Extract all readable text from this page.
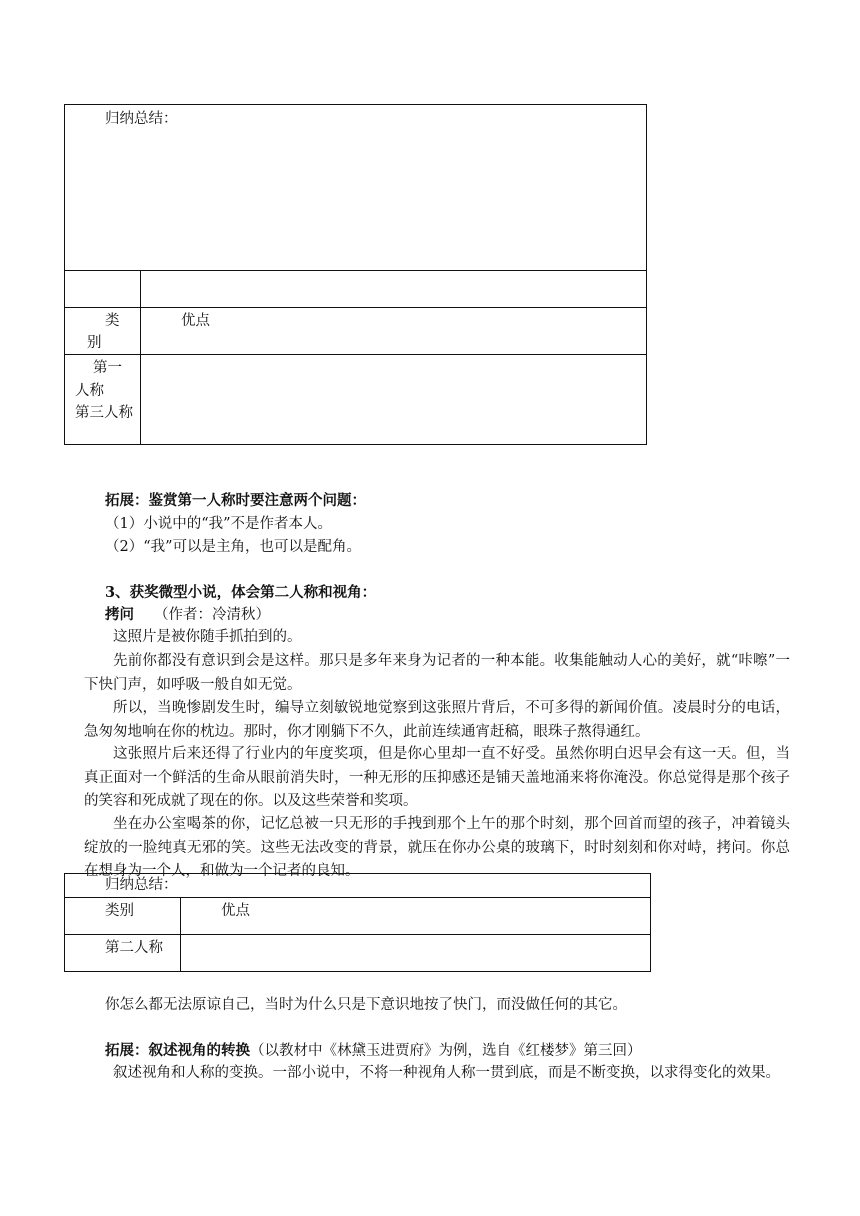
归纳总结：	

类别	优点

第一人称
第三人称	

拓展：鉴赏第一人称时要注意两个问题：
（1）小说中的“我”不是作者本人。
（2）“我”可以是主角，也可以是配角。
3、获奖微型小说，体会第二人称和视角：
拷问 （作者：冷清秋）
这照片是被你随手抓拍到的。
先前你都没有意识到会是这样。那只是多年来身为记者的一种本能。收集能触动人心的美好，就“咔嚓”一下快门声，如呼吸一般自如无觉。
所以，当晚惨剧发生时，编导立刻敏锐地觉察到这张照片背后，不可多得的新闻价值。凌晨时分的电话，急匆匆地响在你的枕边。那时，你才刚躺下不久，此前连续通宵赶稿，眼珠子熬得通红。
这张照片后来还得了行业内的年度奖项，但是你心里却一直不好受。虽然你明白迟早会有这一天。但，当真正面对一个鲜活的生命从眼前消失时，一种无形的压抑感还是铺天盖地涌来将你淹没。你总觉得是那个孩子的笑容和死成就了现在的你。以及这些荣誉和奖项。
坐在办公室喝茶的你，记忆总被一只无形的手拽到那个上午的那个时刻，那个回首而望的孩子，冲着镜头绽放的一脸纯真无邪的笑。这些无法改变的背景，就压在你办公桌的玻璃下，时时刻刻和你对峙，拷问。你总在想身为一个人，和做为一个记者的良知。
归纳总结：	

类别	优点

第二人称	

你怎么都无法原谅自己，当时为什么只是下意识地按了快门，而没做任何的其它。
拓展：叙述视角的转换（以教材中《林黛玉进贾府》为例，选自《红楼梦》第三回）
叙述视角和人称的变换。一部小说中，不将一种视角人称一贯到底，而是不断变换，以求得变化的效果。
